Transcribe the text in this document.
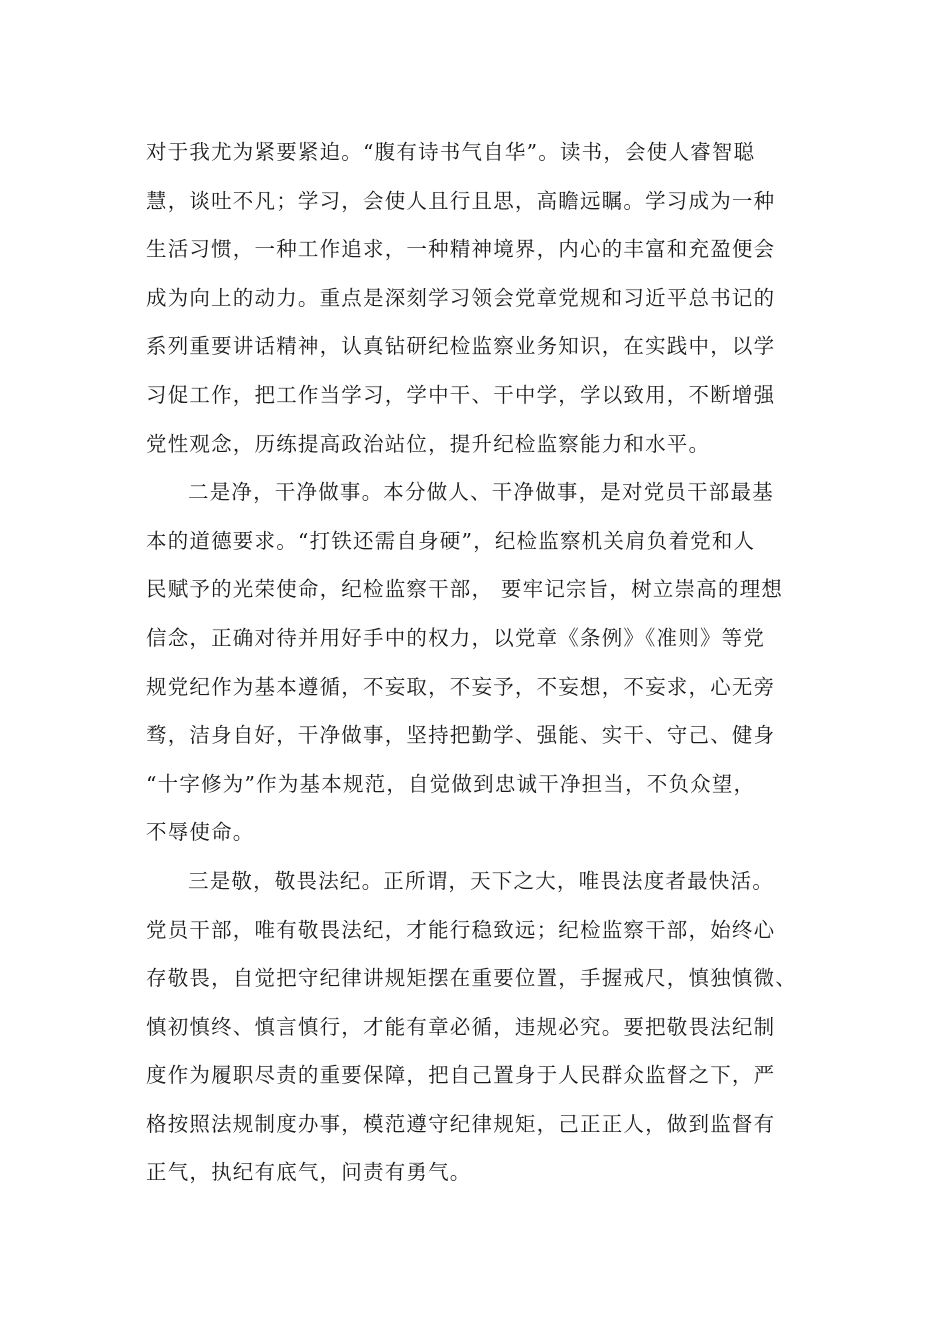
对于我尤为紧要紧迫。“腹有诗书气自华”。读书，会使人睿智聪
慧，谈吐不凡；学习，会使人且行且思，高瞻远瞩。学习成为一种
生活习惯，一种工作追求，一种精神境界，内心的丰富和充盈便会
成为向上的动力。重点是深刻学习领会党章党规和习近平总书记的
系列重要讲话精神，认真钻研纪检监察业务知识，在实践中，以学
习促工作，把工作当学习，学中干、干中学，学以致用，不断增强
党性观念，历练提高政治站位，提升纪检监察能力和水平。
二是净，干净做事。本分做人、干净做事，是对党员干部最基
本的道德要求。“打铁还需自身硬”，纪检监察机关肩负着党和人
民赋予的光荣使命，纪检监察干部， 要牢记宗旨，树立崇高的理想
信念，正确对待并用好手中的权力，以党章《条例》《准则》等党
规党纪作为基本遵循，不妄取，不妄予，不妄想，不妄求，心无旁
骛，洁身自好，干净做事，坚持把勤学、强能、实干、守己、健身
“十字修为”作为基本规范，自觉做到忠诚干净担当，不负众望，
不辱使命。
三是敬，敬畏法纪。正所谓，天下之大，唯畏法度者最快活。
党员干部，唯有敬畏法纪，才能行稳致远；纪检监察干部，始终心
存敬畏，自觉把守纪律讲规矩摆在重要位置，手握戒尺，慎独慎微、
慎初慎终、慎言慎行，才能有章必循，违规必究。要把敬畏法纪制
度作为履职尽责的重要保障，把自己置身于人民群众监督之下，严
格按照法规制度办事，模范遵守纪律规矩，己正正人，做到监督有
正气，执纪有底气，问责有勇气。
